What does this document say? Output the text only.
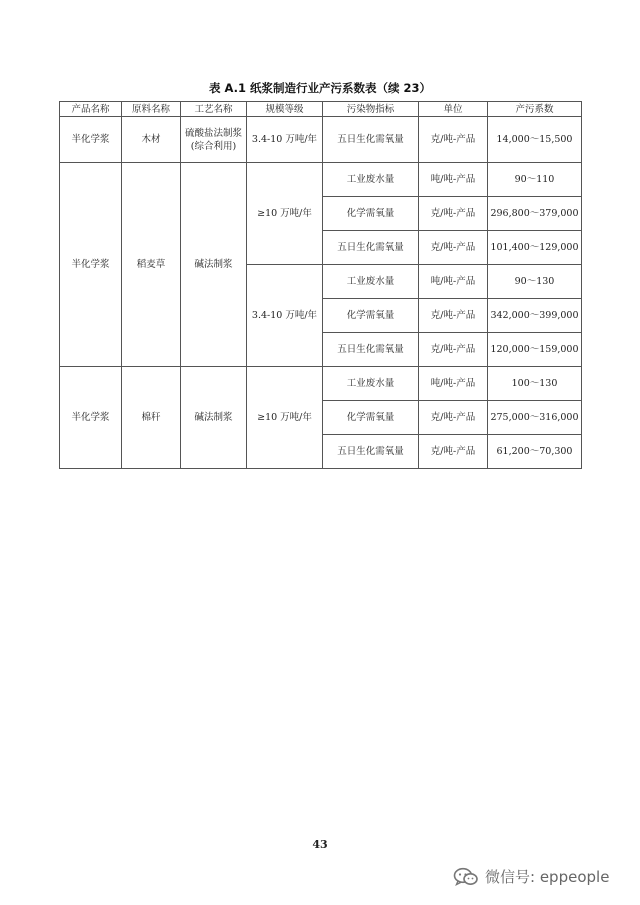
表 A.1 纸浆制造行业产污系数表（续 23）
产品名称	原料名称	工艺名称	规模等级	污染物指标	单位	产污系数
半化学浆	木材	硫酸盐法制浆(综合利用)	3.4-10 万吨/年	五日生化需氧量	克/吨-产品	14,000～15,500
半化学浆	稻麦草	碱法制浆	≥10 万吨/年	工业废水量	吨/吨-产品	90～110
				化学需氧量	克/吨-产品	296,800～379,000
				五日生化需氧量	克/吨-产品	101,400～129,000
			3.4-10 万吨/年	工业废水量	吨/吨-产品	90～130
				化学需氧量	克/吨-产品	342,000～399,000
				五日生化需氧量	克/吨-产品	120,000～159,000
半化学浆	棉秆	碱法制浆	≥10 万吨/年	工业废水量	吨/吨-产品	100～130
				化学需氧量	克/吨-产品	275,000～316,000
				五日生化需氧量	克/吨-产品	61,200～70,300
43
微信号: eppeople
